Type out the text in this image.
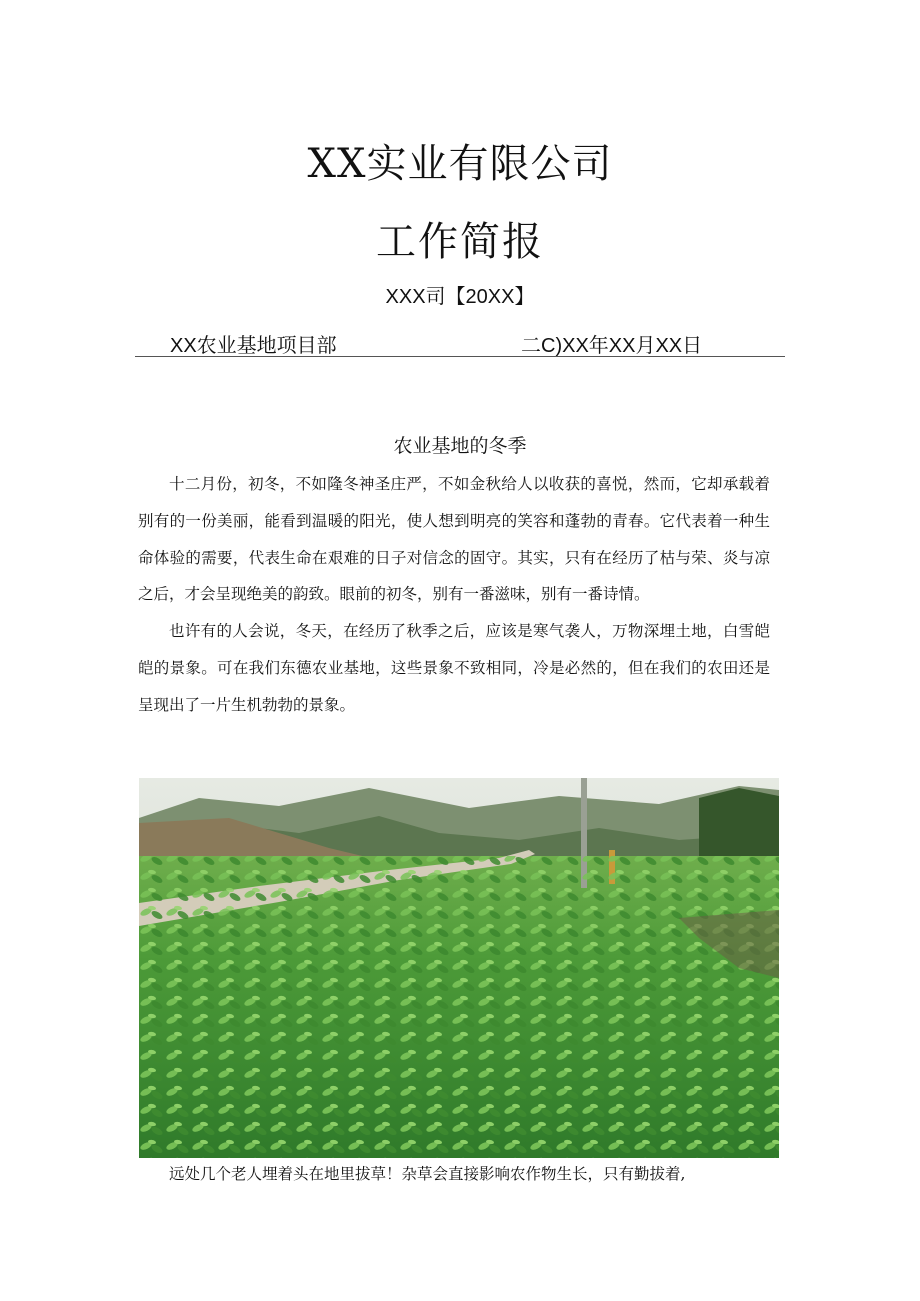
XX实业有限公司
工作简报
XXX司【20XX】
XX农业基地项目部	二C)XX年XX月XX日
农业基地的冬季

十二月份，初冬，不如隆冬神圣庄严，不如金秋给人以收获的喜悦，然而，它却承载着别有的一份美丽，能看到温暖的阳光，使人想到明亮的笑容和蓬勃的青春。它代表着一种生命体验的需要，代表生命在艰难的日子对信念的固守。其实，只有在经历了枯与荣、炎与凉之后，才会呈现绝美的韵致。眼前的初冬，别有一番滋味，别有一番诗情。

也许有的人会说，冬天，在经历了秋季之后，应该是寒气袭人，万物深埋土地，白雪皑皑的景象。可在我们东德农业基地，这些景象不致相同，冷是必然的，但在我们的农田还是呈现出了一片生机勃勃的景象。

远处几个老人埋着头在地里拔草！杂草会直接影响农作物生长，只有勤拔着,
